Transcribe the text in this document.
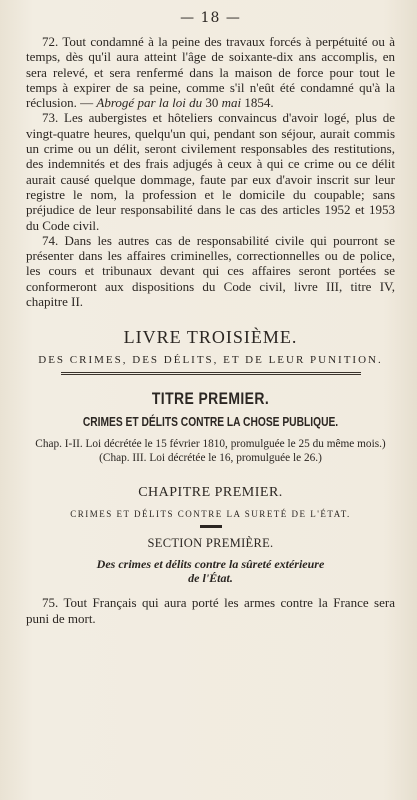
— 18 —

72. Tout condamné à la peine des travaux forcés à perpétuité ou à temps, dès qu'il aura atteint l'âge de soixante-dix ans accomplis, en sera relevé, et sera renfermé dans la maison de force pour tout le temps à expirer de sa peine, comme s'il n'eût été condamné qu'à la réclusion. — Abrogé par la loi du 30 mai 1854.

73. Les aubergistes et hôteliers convaincus d'avoir logé, plus de vingt-quatre heures, quelqu'un qui, pendant son séjour, aurait commis un crime ou un délit, seront civilement responsables des restitutions, des indemnités et des frais adjugés à ceux à qui ce crime ou ce délit aurait causé quelque dommage, faute par eux d'avoir inscrit sur leur registre le nom, la profession et le domicile du coupable; sans préjudice de leur responsabilité dans le cas des articles 1952 et 1953 du Code civil.

74. Dans les autres cas de responsabilité civile qui pourront se présenter dans les affaires criminelles, correctionnelles ou de police, les cours et tribunaux devant qui ces affaires seront portées se conformeront aux dispositions du Code civil, livre III, titre IV, chapitre II.

LIVRE TROISIÈME.
DES CRIMES, DES DÉLITS, ET DE LEUR PUNITION.
TITRE PREMIER.
CRIMES ET DÉLITS CONTRE LA CHOSE PUBLIQUE.

Chap. I-II. Loi décrétée le 15 février 1810, promulguée le 25 du même mois.)

(Chap. III. Loi décrétée le 16, promulguée le 26.)

CHAPITRE PREMIER.
CRIMES ET DÉLITS CONTRE LA SURETÉ DE L'ÉTAT.
SECTION PREMIÈRE.
Des crimes et délits contre la sûreté extérieure
de l'État.

75. Tout Français qui aura porté les armes contre la France sera puni de mort.
